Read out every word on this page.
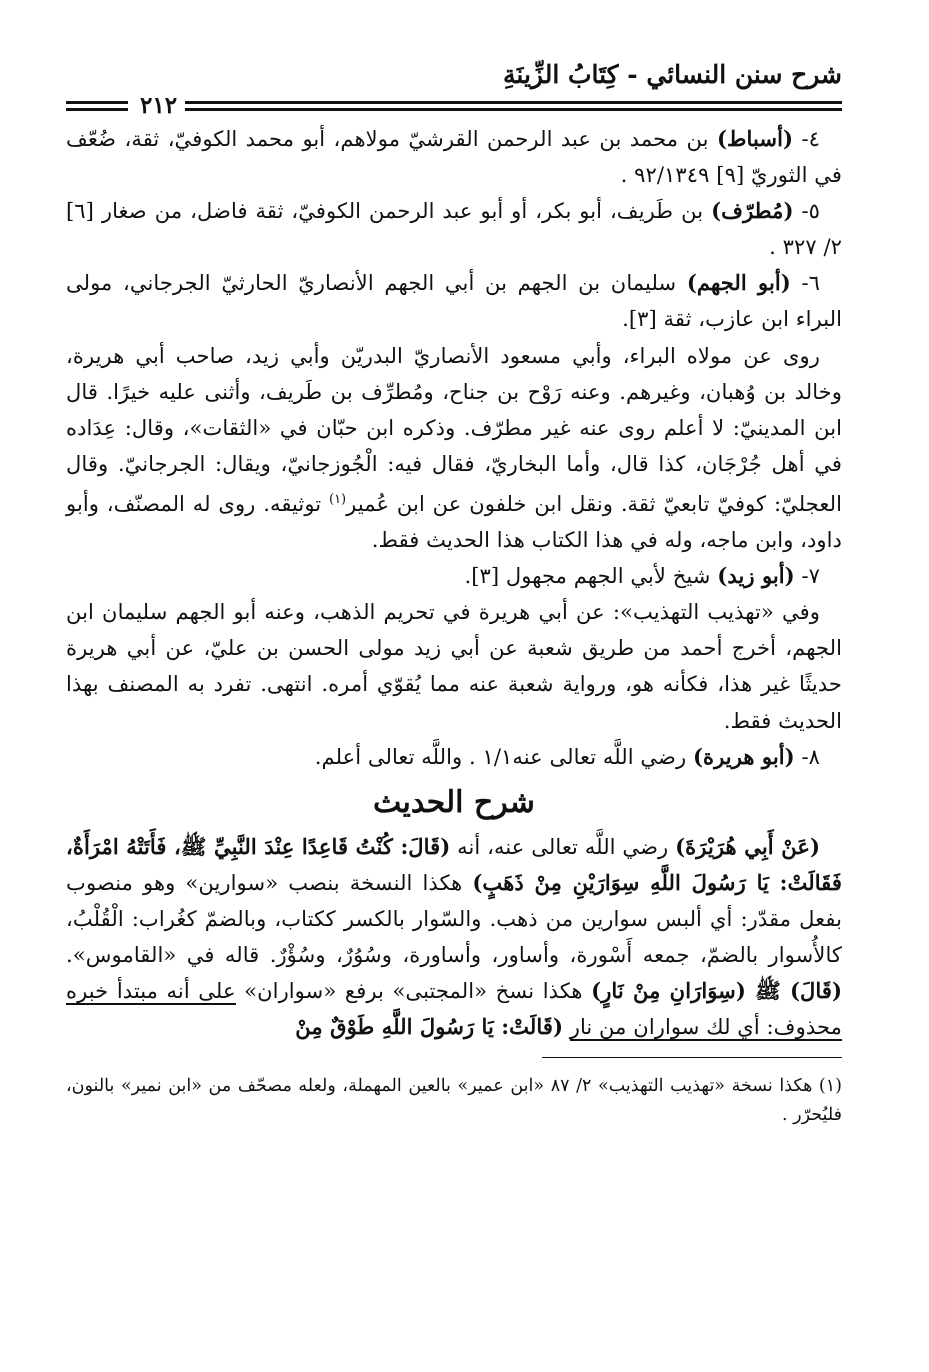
شرح سنن النسائي - كِتَابُ الزِّينَةِ
٢١٢

٤- (أسباط) بن محمد بن عبد الرحمن القرشيّ مولاهم، أبو محمد الكوفيّ، ثقة، ضُعّف في الثوريّ [٩] ٩٢/١٣٤٩ .

٥- (مُطرّف) بن طَريف، أبو بكر، أو أبو عبد الرحمن الكوفيّ، ثقة فاضل، من صغار [٦] ٢/ ٣٢٧ .

٦- (أبو الجهم) سليمان بن الجهم بن أبي الجهم الأنصاريّ الحارثيّ الجرجاني، مولى البراء ابن عازب، ثقة [٣].

روى عن مولاه البراء، وأبي مسعود الأنصاريّ البدريّن وأبي زيد، صاحب أبي هريرة، وخالد بن وُهبان، وغيرهم. وعنه رَوْح بن جناح، ومُطرِّف بن طَريف، وأثنى عليه خيرًا. قال ابن المدينيّ: لا أعلم روى عنه غير مطرّف. وذكره ابن حبّان في «الثقات»، وقال: عِدَاده في أهل جُرْجَان، كذا قال، وأما البخاريّ، فقال فيه: الْجُوزجانيّ، ويقال: الجرجانيّ. وقال العجليّ: كوفيّ تابعيّ ثقة. ونقل ابن خلفون عن ابن عُمير$^{(١)}$ توثيقه. روى له المصنّف، وأبو داود، وابن ماجه، وله في هذا الكتاب هذا الحديث فقط.

٧- (أبو زيد) شيخ لأبي الجهم مجهول [٣].

وفي «تهذيب التهذيب»: عن أبي هريرة في تحريم الذهب، وعنه أبو الجهم سليمان ابن الجهم، أخرج أحمد من طريق شعبة عن أبي زيد مولى الحسن بن عليّ، عن أبي هريرة حديثًا غير هذا، فكأنه هو، ورواية شعبة عنه مما يُقوّي أمره. انتهى. تفرد به المصنف بهذا الحديث فقط.

٨- (أبو هريرة) رضي اللَّه تعالى عنه١/١ . واللَّه تعالى أعلم.

شرح الحديث

(عَنْ أَبِي هُرَيْرَةَ) رضي اللَّه تعالى عنه، أنه (قَالَ: كُنْتُ قَاعِدًا عِنْدَ النَّبِيِّ ﷺ، فَأَتَتْهُ امْرَأَةٌ، فَقَالَتْ: يَا رَسُولَ اللَّهِ سِوَارَيْنِ مِنْ ذَهَبٍ) هكذا النسخة بنصب «سوارين» وهو منصوب بفعل مقدّر: أي ألبس سوارين من ذهب. والسّوار بالكسر ككتاب، وبالضمّ كغُراب: الْقُلْبُ، كالأُسوار بالضمّ، جمعه أَسْورة، وأساور، وأساورة، وسُوُرٌ، وسُؤْرٌ. قاله في «القاموس». (قَالَ) ﷺ (سِوَارَانِ مِنْ نَارٍ) هكذا نسخ «المجتبى» برفع «سواران» على أنه مبتدأ خبره محذوف: أي لك سواران من نار (قَالَتْ: يَا رَسُولَ اللَّهِ طَوْقٌ مِنْ

(١) هكذا نسخة «تهذيب التهذيب» ٢/ ٨٧ «ابن عمير» بالعين المهملة، ولعله مصحّف من «ابن نمير» بالنون، فليُحرّر .
